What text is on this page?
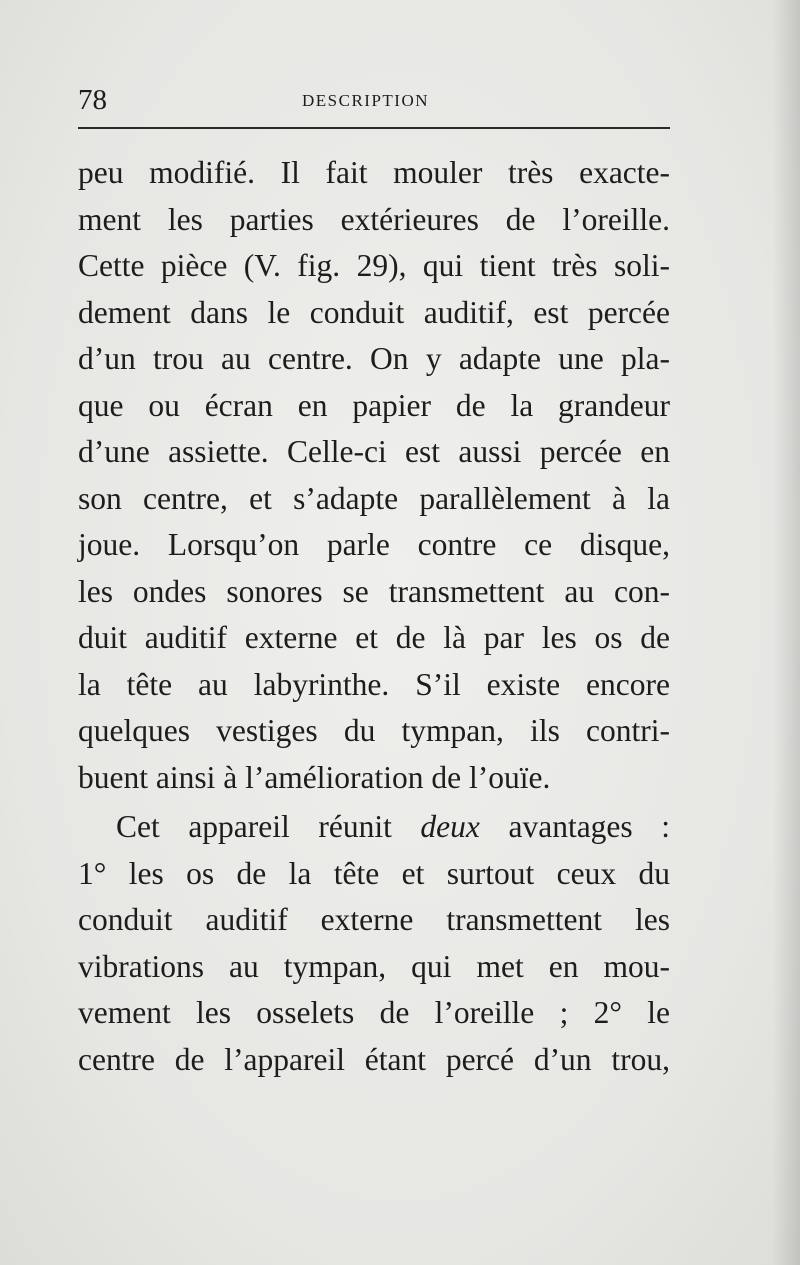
78	DESCRIPTION
peu modifié. Il fait mouler très exacte-
ment les parties extérieures de l’oreille.
Cette pièce (V. fig. 29), qui tient très soli-
dement dans le conduit auditif, est percée
d’un trou au centre. On y adapte une pla-
que ou écran en papier de la grandeur
d’une assiette. Celle-ci est aussi percée en
son centre, et s’adapte parallèlement à la
joue. Lorsqu’on parle contre ce disque,
les ondes sonores se transmettent au con-
duit auditif externe et de là par les os de
la tête au labyrinthe. S’il existe encore
quelques vestiges du tympan, ils contri-
buent ainsi à l’amélioration de l’ouïe.
Cet appareil réunit deux avantages :
1° les os de la tête et surtout ceux du
conduit auditif externe transmettent les
vibrations au tympan, qui met en mou-
vement les osselets de l’oreille ; 2° le
centre de l’appareil étant percé d’un trou,
